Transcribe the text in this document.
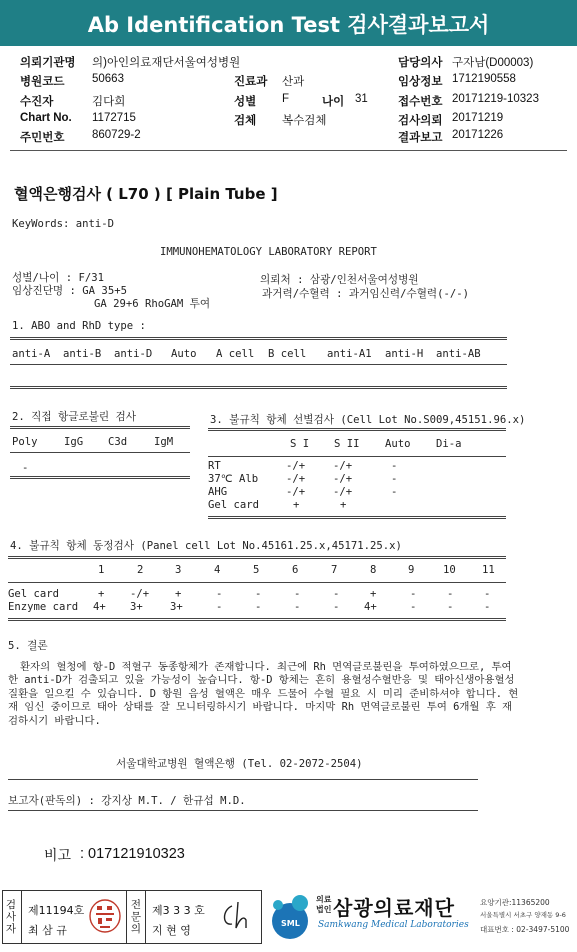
Ab Identification Test 검사결과보고서
의뢰기관명 의)아인의료재단서울여성병원
병원코드 50663
수진자	김다희
Chart No. 1172715
주민번호 860729-2
진료과 산과
성별 F	나이 31
검체 복수검체
담당의사 구자남(D00003)
임상정보 1712190558
접수번호 20171219-10323
검사의뢰 20171219
결과보고 20171226
혈액은행검사 ( L70 ) [ Plain Tube ]
KeyWords: anti-D
IMMUNOHEMATOLOGY LABORATORY REPORT
성별/나이 : F/31
임상진단명 : GA 35+5
GA 29+6 RhoGAM 투여
의뢰처 : 삼광/인천서울여성병원
과거력/수혈력 : 과거임신력/수혈력(-/-)
1. ABO and RhD type :
anti-A anti-B anti-D Auto A cell B cell anti-A1 anti-H anti-AB
2. 직접 항글로불린 검사
Poly IgG C3d	IgM
-
3. 불규칙 항체 선별검사 (Cell Lot No.S009,45151.96.x)
S I S II Auto Di-a
RT	-/+	-/+	-
37℃ Alb	-/+	-/+	-
AHG	-/+	-/+	-
Gel card	+	+
4. 불규칙 항체 동정검사 (Panel cell Lot No.45161.25.x,45171.25.x)
1	2	3	4	5	6	7	8	9	10 11
Gel card	+ -/+ +	-	-	-	-	+	-	-	-
Enzyme card 4+ 3+	3+	-	-	-	- 4+	-	-	-
5. 결론
환자의 혈청에 항-D 적혈구 동종항체가 존재합니다. 최근에 Rh 면역글로불린을 투여하였으므로, 투여한 anti-D가 검출되고 있을 가능성이 높습니다. 항-D 항체는 흔히 용혈성수혈반응 및 태아신생아용혈성질환을 일으킬 수 있습니다. D 항원 음성 혈액은 매우 드물어 수혈 필요 시 미리 준비하셔야 합니다. 현재 임신 중이므로 태아 상태를 잘 모니터링하시기 바랍니다. 마지막 Rh 면역글로불린 투여 6개월 후 재검하시기 바랍니다.
서울대학교병원 혈액은행 (Tel. 02-2072-2504)
보고자(판독의) : 강지상 M.T. / 한규섭 M.D.
비고 : 017121910323
검사자
제11194호
최 삼 규
전문의
제3 3 3 호
지 현 영
SML
의료법인 삼광의료재단
Samkwang Medical Laboratories
요양기관:11365200
서울특별시 서초구 양재동 9-6
대표번호 : 02-3497-5100
